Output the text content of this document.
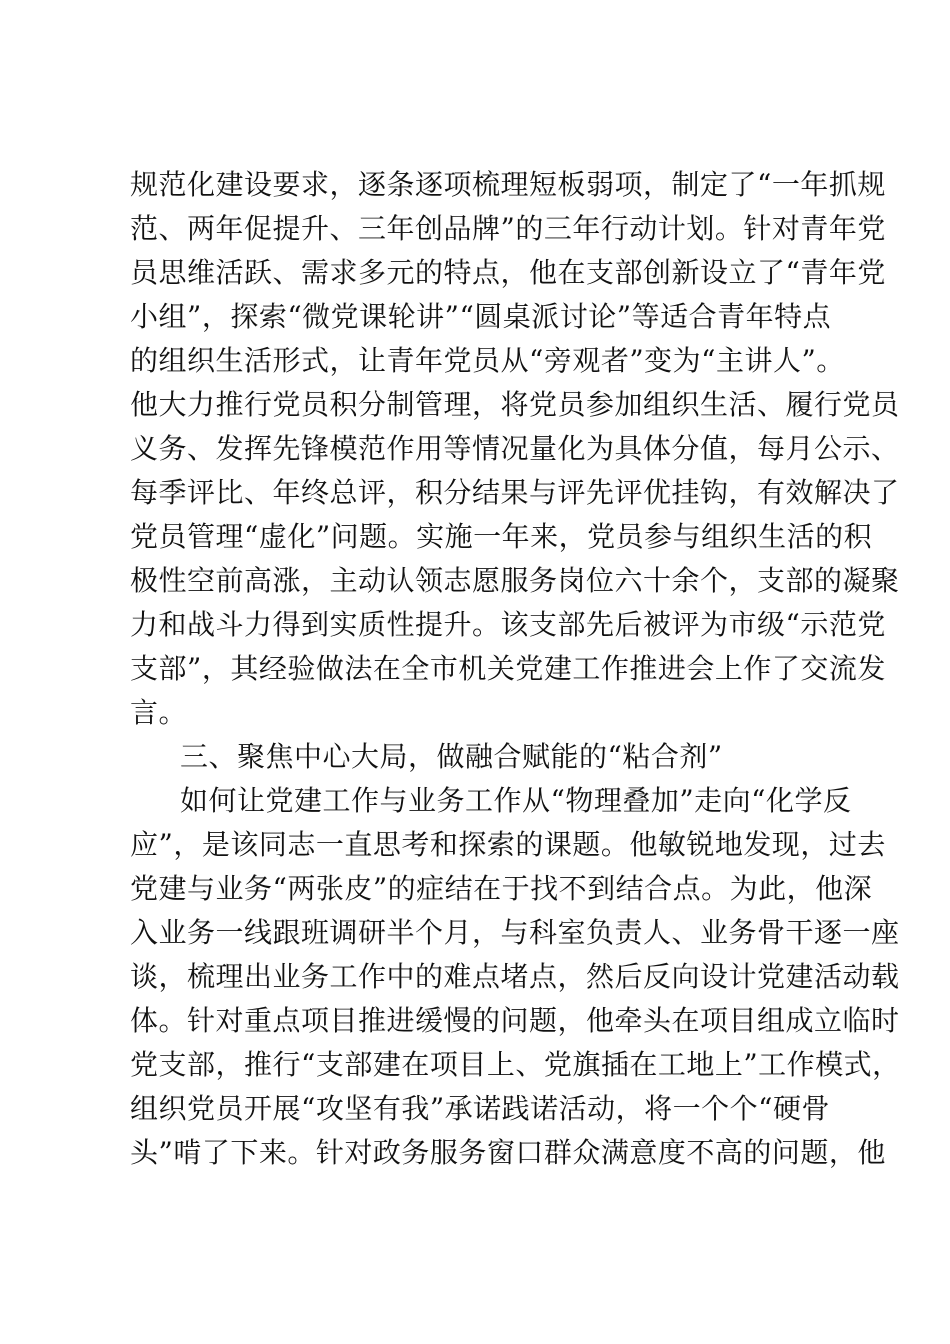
规范化建设要求，逐条逐项梳理短板弱项，制定了“一年抓规
范、两年促提升、三年创品牌”的三年行动计划。针对青年党
员思维活跃、需求多元的特点，他在支部创新设立了“青年党
小组”，探索“微党课轮讲”“圆桌派讨论”等适合青年特点
的组织生活形式，让青年党员从“旁观者”变为“主讲人”。
他大力推行党员积分制管理，将党员参加组织生活、履行党员
义务、发挥先锋模范作用等情况量化为具体分值，每月公示、
每季评比、年终总评，积分结果与评先评优挂钩，有效解决了
党员管理“虚化”问题。实施一年来，党员参与组织生活的积
极性空前高涨，主动认领志愿服务岗位六十余个，支部的凝聚
力和战斗力得到实质性提升。该支部先后被评为市级“示范党
支部”，其经验做法在全市机关党建工作推进会上作了交流发
言。
三、聚焦中心大局，做融合赋能的“粘合剂”
如何让党建工作与业务工作从“物理叠加”走向“化学反
应”，是该同志一直思考和探索的课题。他敏锐地发现，过去
党建与业务“两张皮”的症结在于找不到结合点。为此，他深
入业务一线跟班调研半个月，与科室负责人、业务骨干逐一座
谈，梳理出业务工作中的难点堵点，然后反向设计党建活动载
体。针对重点项目推进缓慢的问题，他牵头在项目组成立临时
党支部，推行“支部建在项目上、党旗插在工地上”工作模式，
组织党员开展“攻坚有我”承诺践诺活动，将一个个“硬骨
头”啃了下来。针对政务服务窗口群众满意度不高的问题，他
